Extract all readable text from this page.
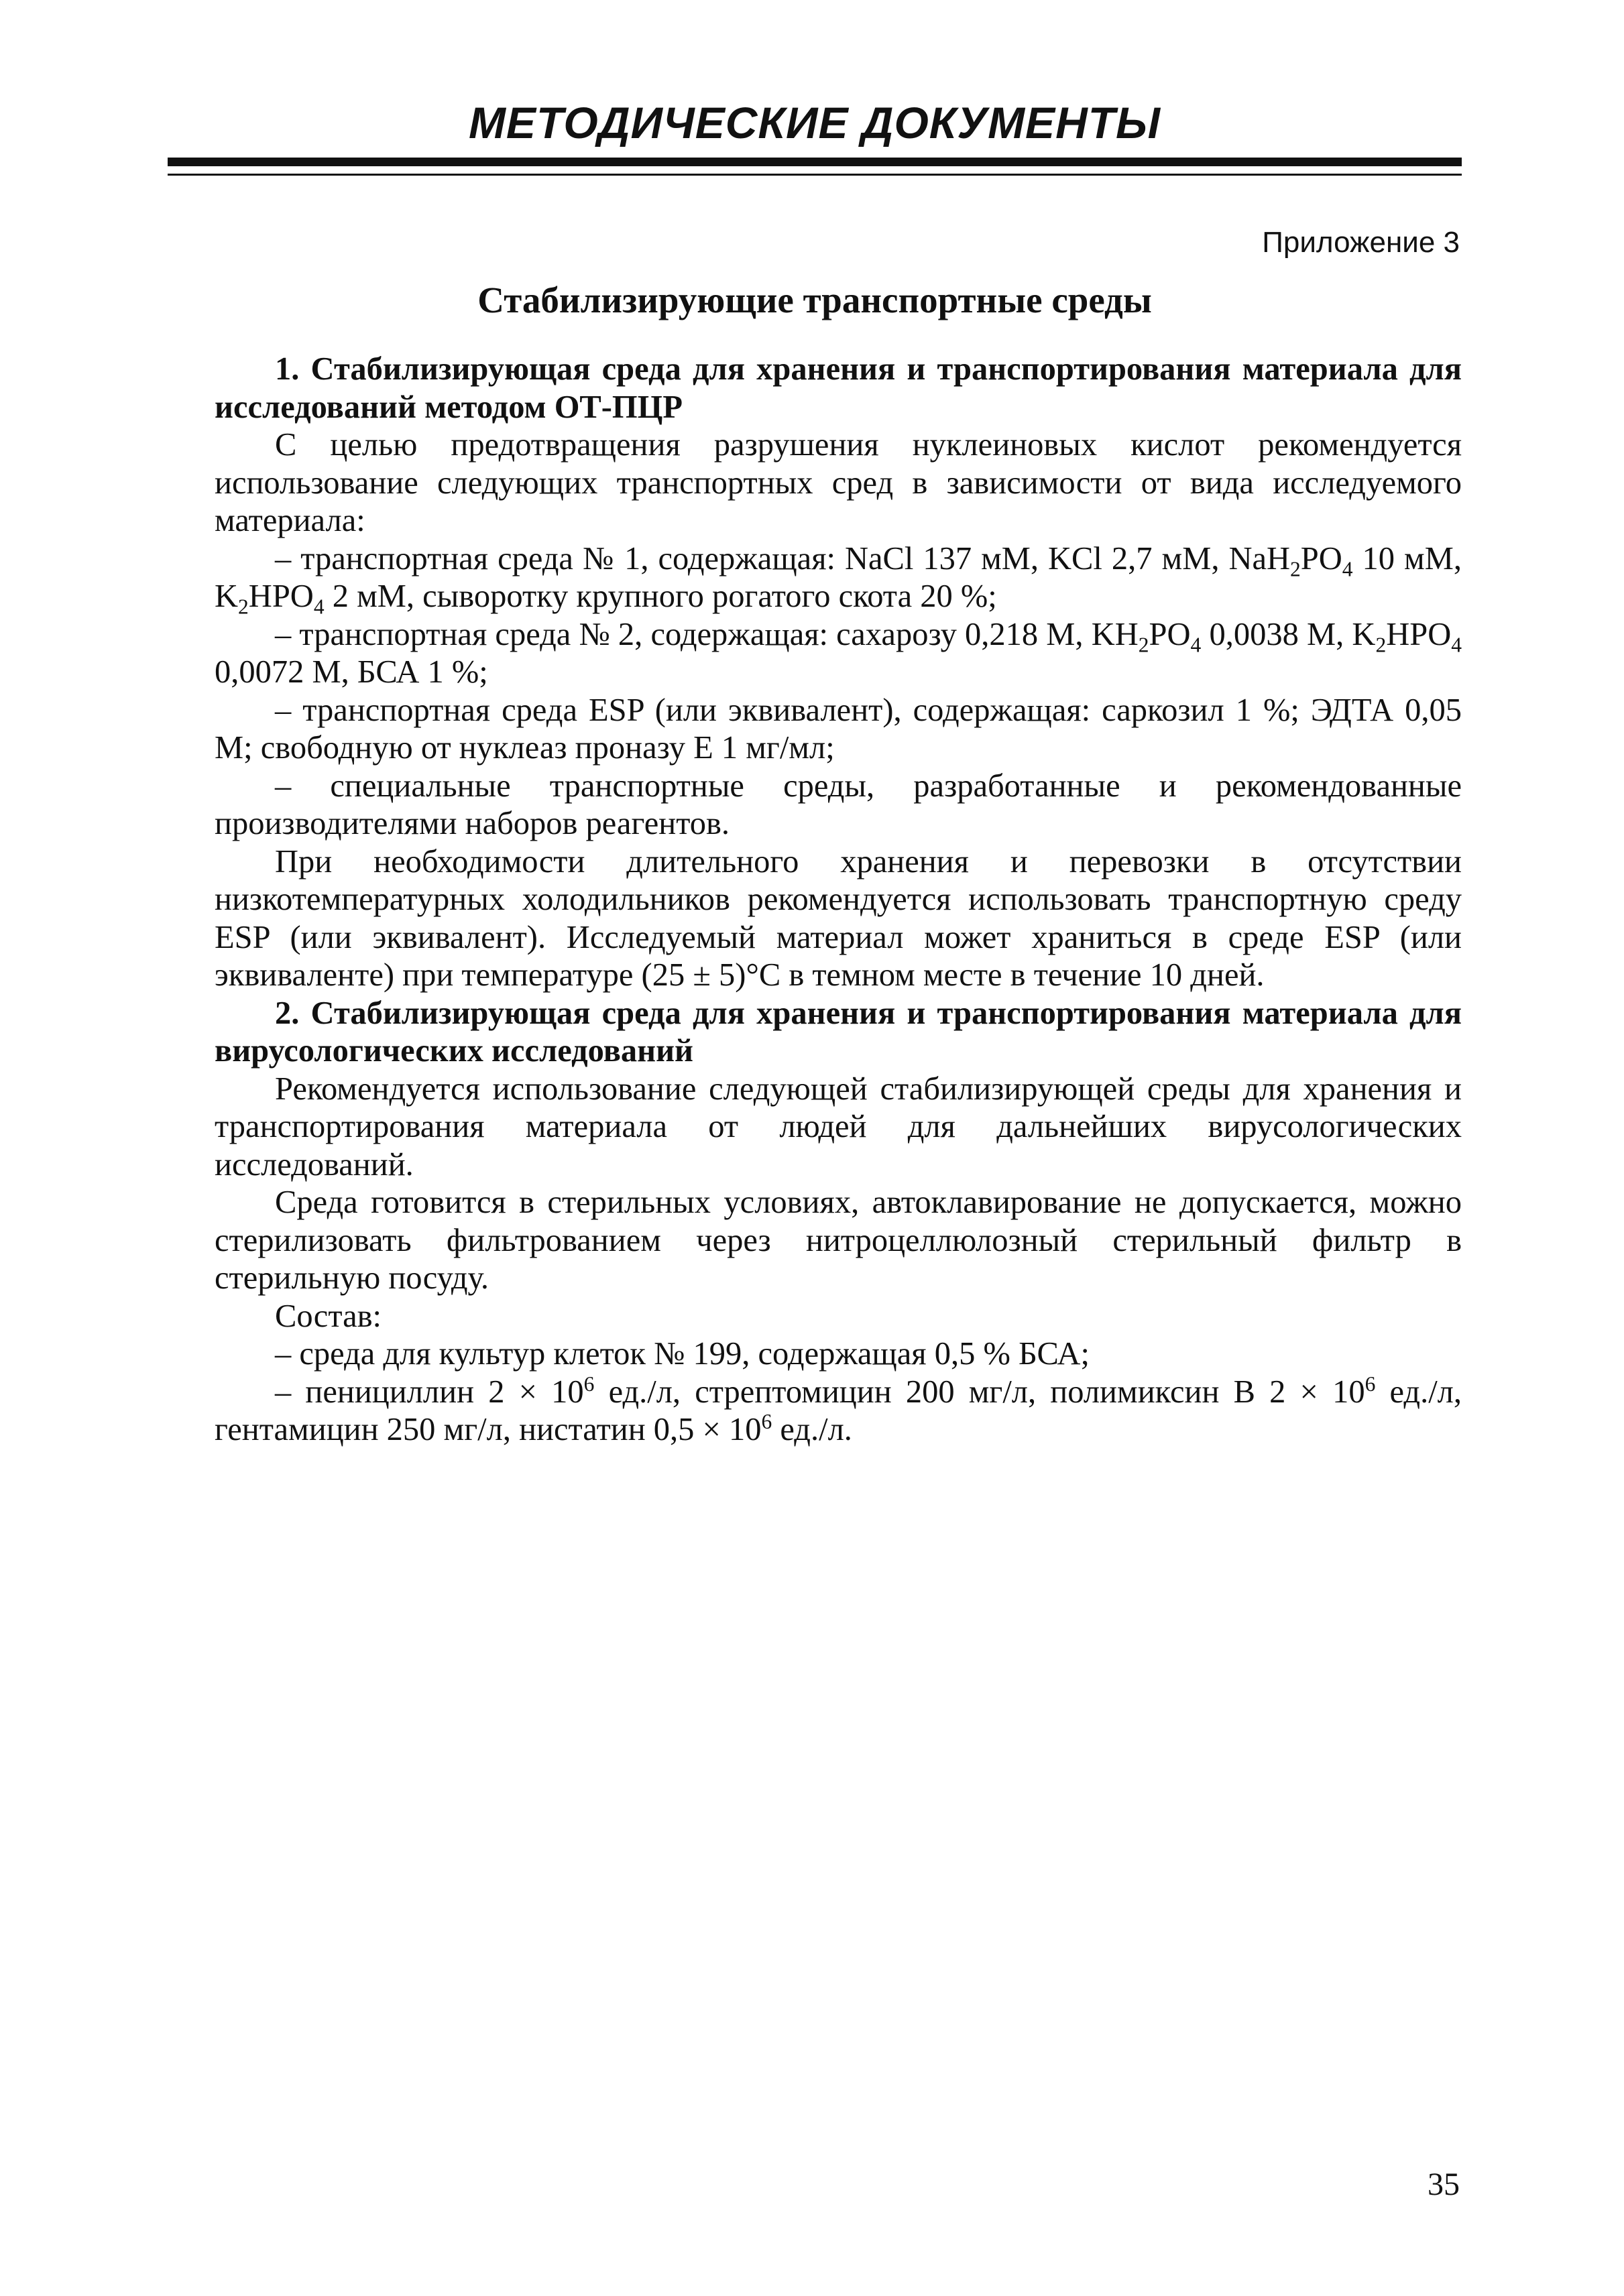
МЕТОДИЧЕСКИЕ ДОКУМЕНТЫ
Приложение 3
Стабилизирующие транспортные среды

1. Стабилизирующая среда для хранения и транспортирования материала для исследований методом ОТ-ПЦР

С целью предотвращения разрушения нуклеиновых кислот рекомендуется использование следующих транспортных сред в зависимости от вида исследуемого материала:

– транспортная среда № 1, содержащая: NaCl 137 мМ, KCl 2,7 мМ, $NaH_2PO_4$ 10 мМ, $K_2HPO_4$ 2 мМ, сыворотку крупного рогатого скота 20 %;

– транспортная среда № 2, содержащая: сахарозу 0,218 М, $KH_2PO_4$ 0,0038 М, $K_2HPO_4$ 0,0072 М, БСА 1 %;

– транспортная среда ESP (или эквивалент), содержащая: саркозил 1 %; ЭДТА 0,05 М; свободную от нуклеаз проназу Е 1 мг/мл;

– специальные транспортные среды, разработанные и рекомендованные производителями наборов реагентов.

При необходимости длительного хранения и перевозки в отсутствии низкотемпературных холодильников рекомендуется использовать транспортную среду ESP (или эквивалент). Исследуемый материал может храниться в среде ESP (или эквиваленте) при температуре (25 ± 5)°С в темном месте в течение 10 дней.

2. Стабилизирующая среда для хранения и транспортирования материала для вирусологических исследований

Рекомендуется использование следующей стабилизирующей среды для хранения и транспортирования материала от людей для дальнейших вирусологических исследований.

Среда готовится в стерильных условиях, автоклавирование не допускается, можно стерилизовать фильтрованием через нитроцеллюлозный стерильный фильтр в стерильную посуду.

Состав:

– среда для культур клеток № 199, содержащая 0,5 % БСА;

– пенициллин $2 \times 10^6$ ед./л, стрептомицин 200 мг/л, полимиксин В $2 \times 10^6$ ед./л, гентамицин 250 мг/л, нистатин $0,5 \times 10^6$ ед./л.

35
